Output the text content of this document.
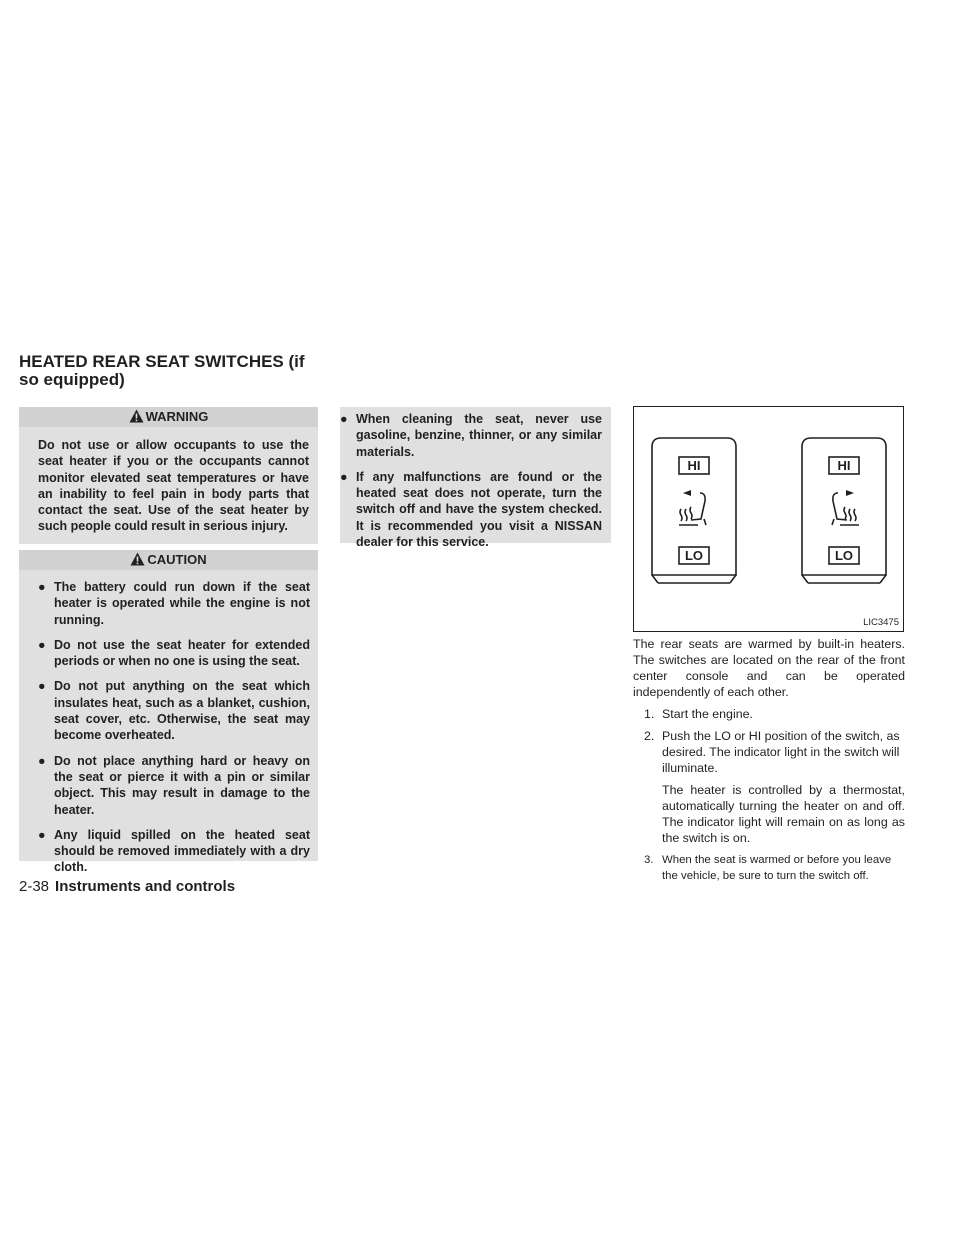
HEATED REAR SEAT SWITCHES (if so equipped)
WARNING
Do not use or allow occupants to use the seat heater if you or the occupants cannot monitor elevated seat temperatures or have an inability to feel pain in body parts that contact the seat. Use of the seat heater by such people could result in serious injury.
CAUTION
● The battery could run down if the seat heater is operated while the engine is not running.
● Do not use the seat heater for extended periods or when no one is using the seat.
● Do not put anything on the seat which insulates heat, such as a blanket, cushion, seat cover, etc. Otherwise, the seat may become overheated.
● Do not place anything hard or heavy on the seat or pierce it with a pin or similar object. This may result in damage to the heater.
● Any liquid spilled on the heated seat should be removed immediately with a dry cloth.
● When cleaning the seat, never use gasoline, benzine, thinner, or any similar materials.
● If any malfunctions are found or the heated seat does not operate, turn the switch off and have the system checked. It is recommended you visit a NISSAN dealer for this service.
HI
LO
HI
LO
LIC3475
The rear seats are warmed by built-in heaters. The switches are located on the rear of the front center console and can be operated independently of each other.
1. Start the engine.
2. Push the LO or HI position of the switch, as desired. The indicator light in the switch will illuminate.
The heater is controlled by a thermostat, automatically turning the heater on and off. The indicator light will remain on as long as the switch is on.
3. When the seat is warmed or before you leave the vehicle, be sure to turn the switch off.
2-38 Instruments and controls
